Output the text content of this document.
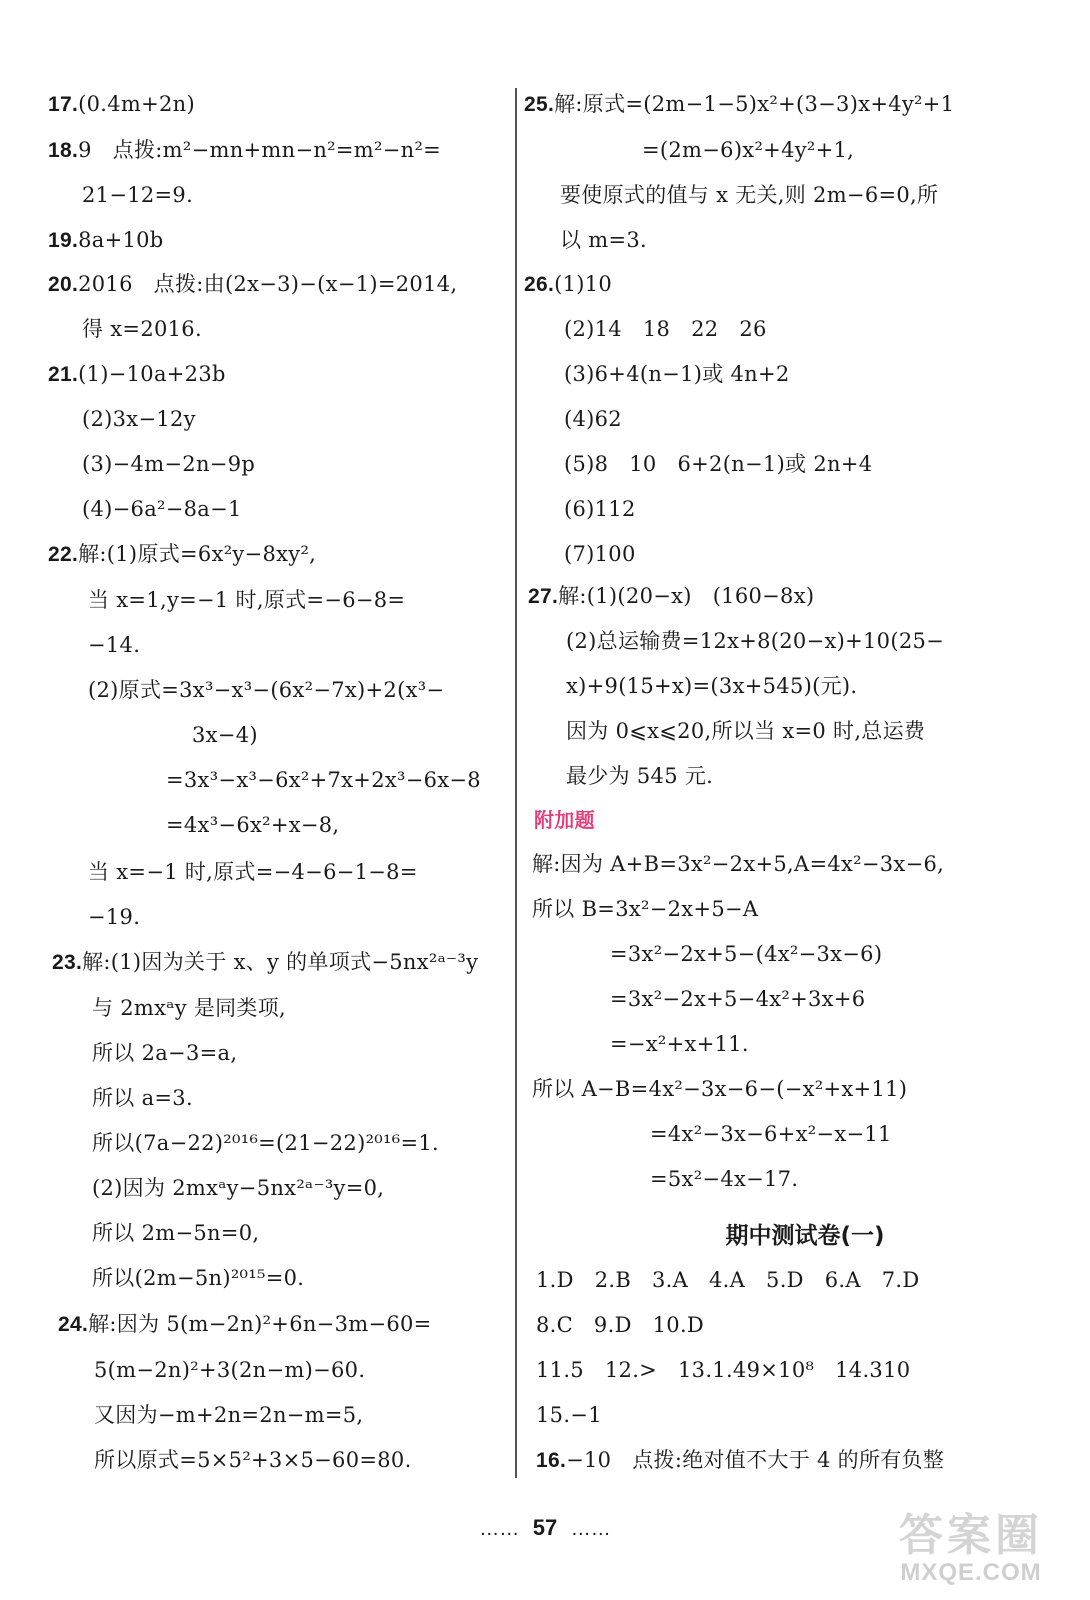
17.(0.4m+2n)
18.9   点拨:m²−mn+mn−n²=m²−n²=
21−12=9.
19.8a+10b
20.2016   点拨:由(2x−3)−(x−1)=2014,
得 x=2016.
21.(1)−10a+23b
(2)3x−12y
(3)−4m−2n−9p
(4)−6a²−8a−1
22.解:(1)原式=6x²y−8xy²,
当 x=1,y=−1 时,原式=−6−8=
−14.
(2)原式=3x³−x³−(6x²−7x)+2(x³−
3x−4)
=3x³−x³−6x²+7x+2x³−6x−8
=4x³−6x²+x−8,
当 x=−1 时,原式=−4−6−1−8=
−19.
23.解:(1)因为关于 x、y 的单项式−5nx²ᵃ⁻³y
与 2mxᵃy 是同类项,
所以 2a−3=a,
所以 a=3.
所以(7a−22)²⁰¹⁶=(21−22)²⁰¹⁶=1.
(2)因为 2mxᵃy−5nx²ᵃ⁻³y=0,
所以 2m−5n=0,
所以(2m−5n)²⁰¹⁵=0.
24.解:因为 5(m−2n)²+6n−3m−60=
5(m−2n)²+3(2n−m)−60.
又因为−m+2n=2n−m=5,
所以原式=5×5²+3×5−60=80.
25.解:原式=(2m−1−5)x²+(3−3)x+4y²+1
=(2m−6)x²+4y²+1,
要使原式的值与 x 无关,则 2m−6=0,所
以 m=3.
26.(1)10
(2)14   18   22   26
(3)6+4(n−1)或 4n+2
(4)62
(5)8   10   6+2(n−1)或 2n+4
(6)112
(7)100
27.解:(1)(20−x)   (160−8x)
(2)总运输费=12x+8(20−x)+10(25−
x)+9(15+x)=(3x+545)(元).
因为 0⩽x⩽20,所以当 x=0 时,总运费
最少为 545 元.
附加题
解:因为 A+B=3x²−2x+5,A=4x²−3x−6,
所以 B=3x²−2x+5−A
=3x²−2x+5−(4x²−3x−6)
=3x²−2x+5−4x²+3x+6
=−x²+x+11.
所以 A−B=4x²−3x−6−(−x²+x+11)
=4x²−3x−6+x²−x−11
=5x²−4x−17.
期中测试卷(一)
1.D   2.B   3.A   4.A   5.D   6.A   7.D
8.C   9.D   10.D
11.5   12.>   13.1.49×10⁸   14.310
15.−1
16.−10   点拨:绝对值不大于 4 的所有负整
…… 57 ……	答案圈
MXQE.COM
